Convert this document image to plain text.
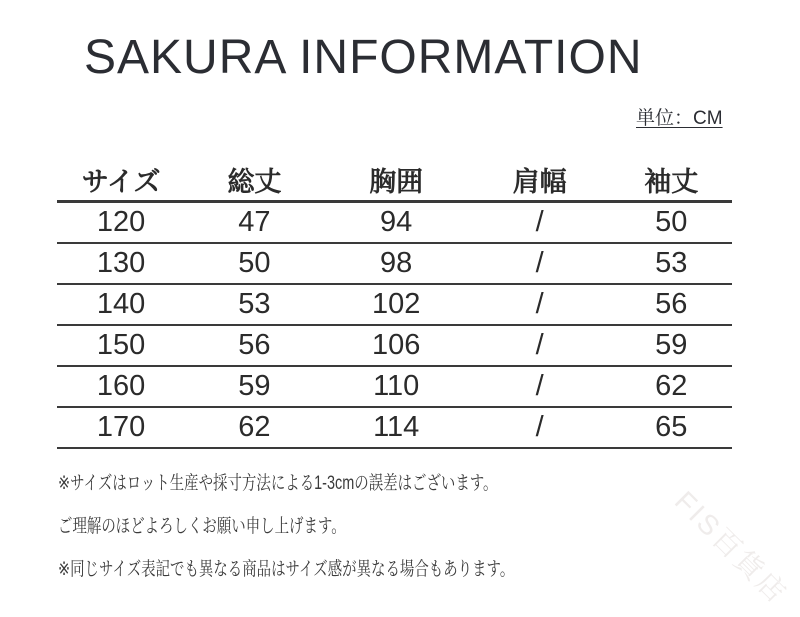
SAKURA INFORMATION
単位：CM
サイズ	総丈	胸囲	肩幅	袖丈
120	47	94	/	50
130	50	98	/	53
140	53	102	/	56
150	56	106	/	59
160	59	110	/	62
170	62	114	/	65

※サイズはロット生産や採寸方法による1-3cmの誤差はございます。

ご理解のほどよろしくお願い申し上げます。

※同じサイズ表記でも異なる商品はサイズ感が異なる場合もあります。	FIS百貨店
